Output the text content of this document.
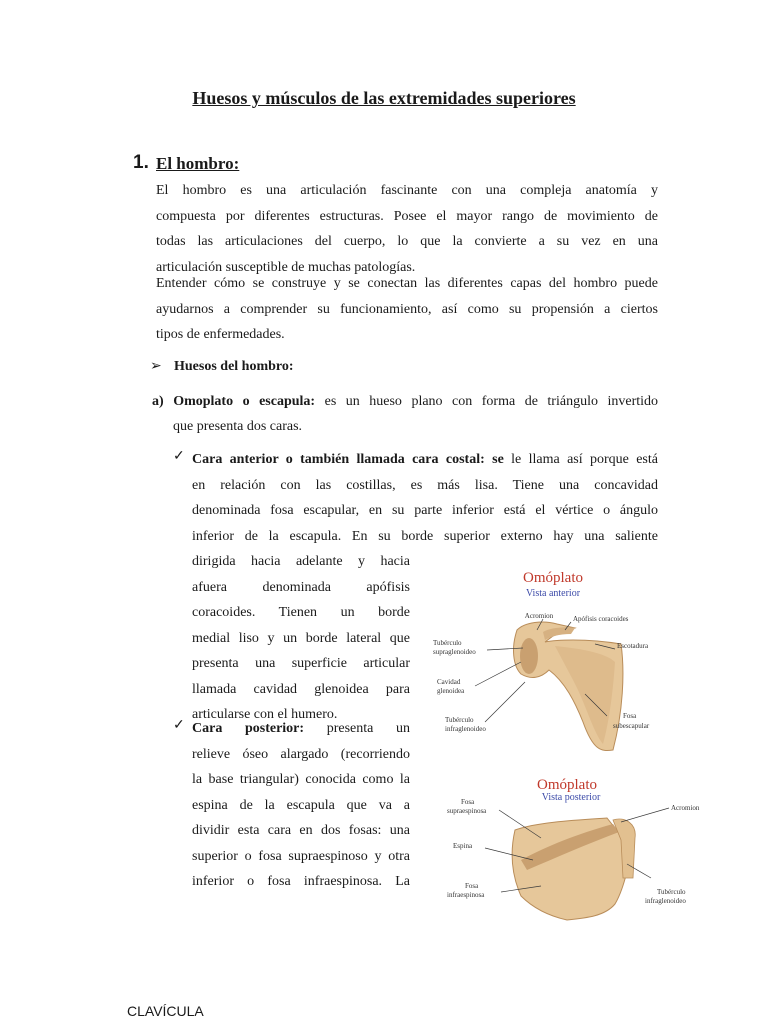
Huesos y músculos de las extremidades superiores
1. El hombro:
El hombro es una articulación fascinante con una compleja anatomía y
compuesta por diferentes estructuras. Posee el mayor rango de movimiento de
todas las articulaciones del cuerpo, lo que la convierte a su vez en una
articulación susceptible de muchas patologías.
Entender cómo se construye y se conectan las diferentes capas del hombro puede
ayudarnos a comprender su funcionamiento, así como su propensión a ciertos
tipos de enfermedades.
➢ Huesos del hombro:
a) Omoplato o escapula: es un hueso plano con forma de triángulo invertido
que presenta dos caras.
✓ Cara anterior o también llamada cara costal: se le llama así porque está
en relación con las costillas, es más lisa. Tiene una concavidad
denominada fosa escapular, en su parte inferior está el vértice o ángulo
inferior de la escapula. En su borde superior externo hay una saliente
dirigida hacia adelante y hacia
afuera denominada apófisis
coracoides. Tienen un borde
medial liso y un borde lateral que
presenta una superficie articular
llamada cavidad glenoidea para
articularse con el humero.
✓ Cara posterior: presenta un
relieve óseo alargado (recorriendo
la base triangular) conocida como la
espina de la escapula que va a
dividir esta cara en dos fosas: una
superior o fosa supraespinoso y otra
inferior o fosa infraespinosa. La
Omóplato
Vista anterior
Acromion	Apófisis coracoides
Tubérculo
supraglenoideo
Escotadura
Cavidad
glenoidea
Tubérculo
infraglenoideo
Fosa
subescapular
Omóplato
Vista posterior
Fosa
supraespinosa	Acromion
Espina
Fosa
infraespinosa	Tubérculo
infraglenoideo
CLAVÍCULA
